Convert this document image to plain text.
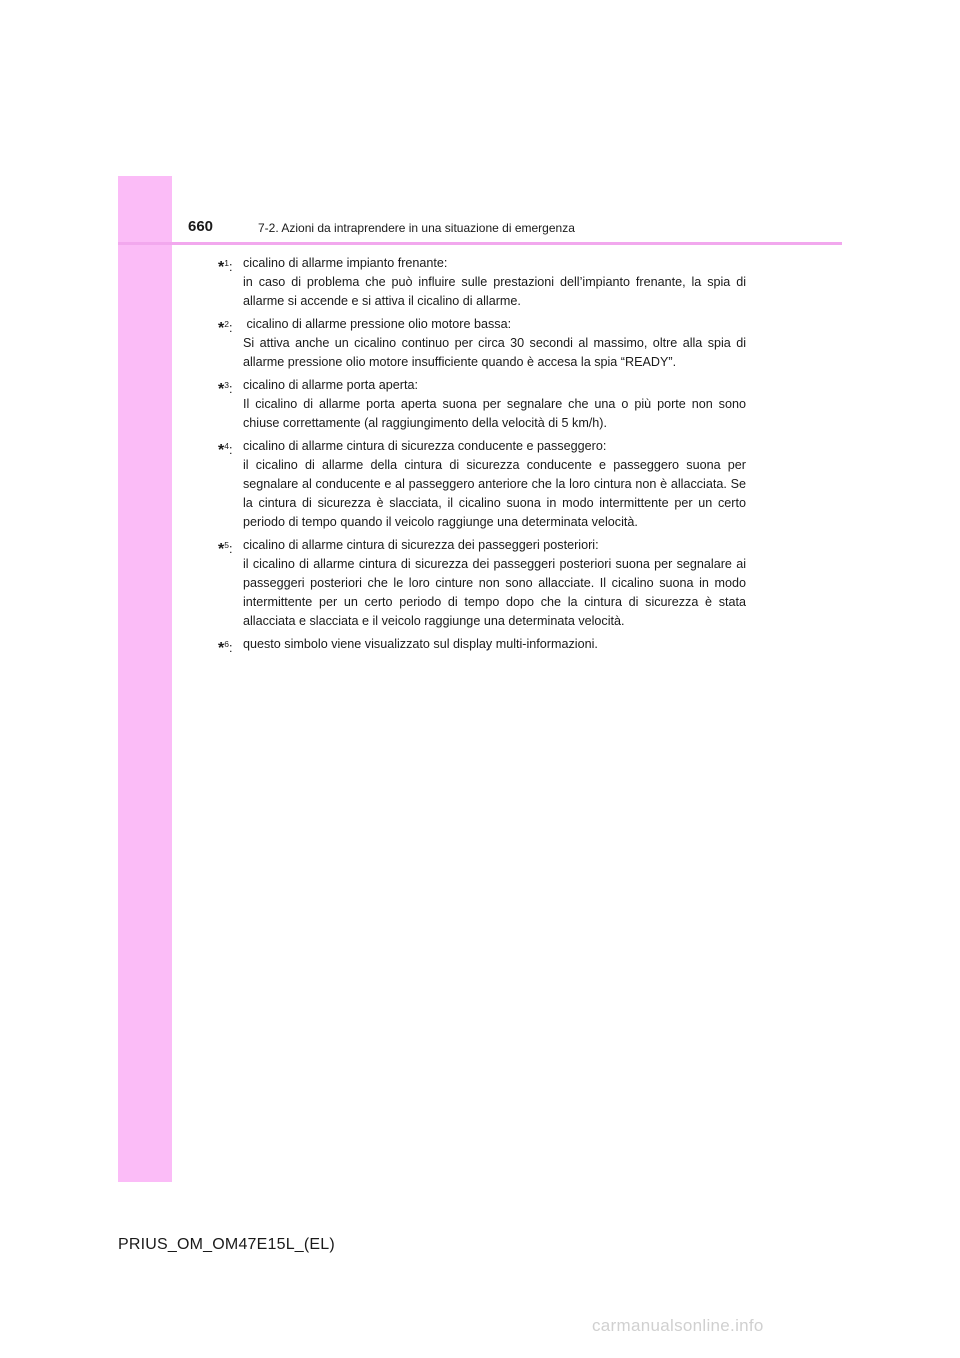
660	7-2. Azioni da intraprendere in una situazione di emergenza
*$^1$: cicalino di allarme impianto frenante:
in caso di problema che può influire sulle prestazioni dell’impianto frenante, la spia di allarme si accende e si attiva il cicalino di allarme.
*$^2$: cicalino di allarme pressione olio motore bassa:
Si attiva anche un cicalino continuo per circa 30 secondi al massimo, oltre alla spia di allarme pressione olio motore insufficiente quando è accesa la spia “READY”.
*$^3$: cicalino di allarme porta aperta:
Il cicalino di allarme porta aperta suona per segnalare che una o più porte non sono chiuse correttamente (al raggiungimento della velocità di 5 km/h).
*$^4$: cicalino di allarme cintura di sicurezza conducente e passeggero:
il cicalino di allarme della cintura di sicurezza conducente e passeggero suona per segnalare al conducente e al passeggero anteriore che la loro cintura non è allacciata. Se la cintura di sicurezza è slacciata, il cicalino suona in modo intermittente per un certo periodo di tempo quando il veicolo raggiunge una determinata velocità.
*$^5$: cicalino di allarme cintura di sicurezza dei passeggeri posteriori:
il cicalino di allarme cintura di sicurezza dei passeggeri posteriori suona per segnalare ai passeggeri posteriori che le loro cinture non sono allacciate. Il cicalino suona in modo intermittente per un certo periodo di tempo dopo che la cintura di sicurezza è stata allacciata e slacciata e il veicolo raggiunge una determinata velocità.
*$^6$: questo simbolo viene visualizzato sul display multi-informazioni.
PRIUS_OM_OM47E15L_(EL)
carmanualsonline.info
